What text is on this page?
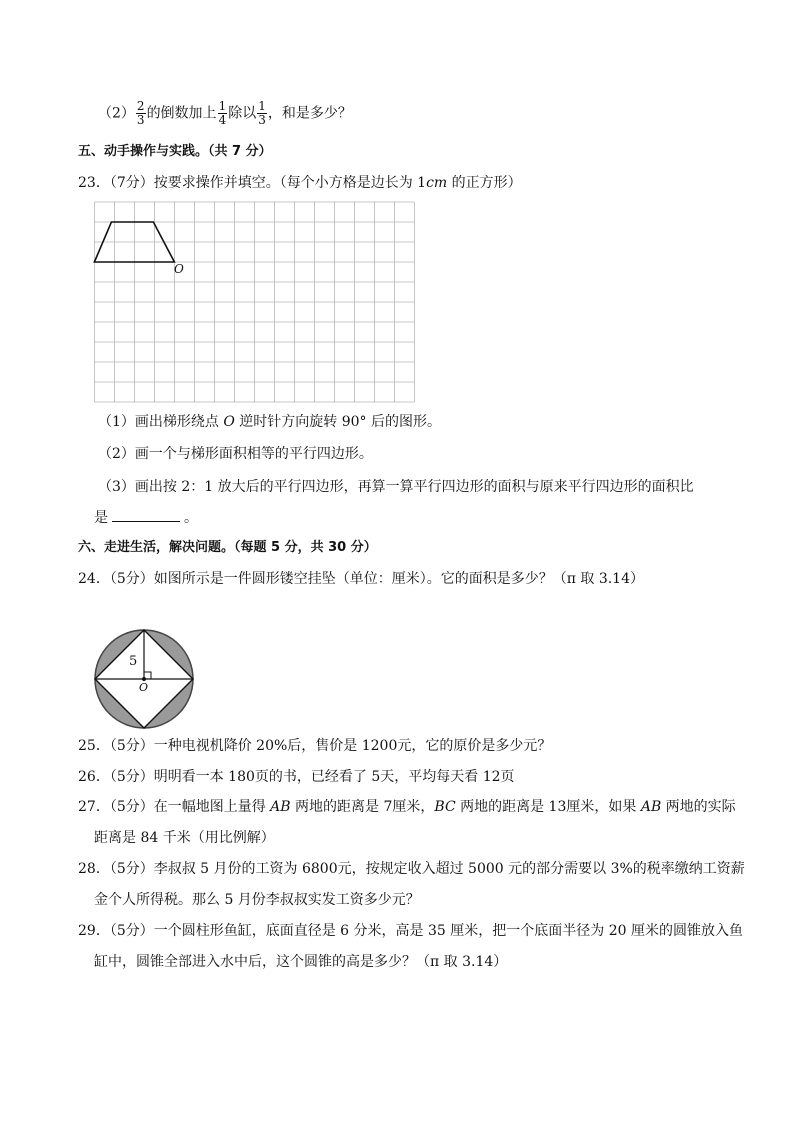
$(2) \frac{2}{3}$ 的倒数加上 $\frac{1}{4}$ 除以 $\frac{1}{3}$ ，和是多少？
五、动手操作与实践。（共 7 分）
23．（7分）按要求操作并填空。（每个小方格是边长为 1cm 的正方形）
O
（1）画出梯形绕点 O 逆时针方向旋转 90° 后的图形。
（2）画一个与梯形面积相等的平行四边形。
（3）画出按 2：1 放大后的平行四边形，再算一算平行四边形的面积与原来平行四边形的面积比
是	。
六、走进生活，解决问题。（每题 5 分，共 30 分）
24．（5分）如图所示是一件圆形镂空挂坠（单位：厘米）。它的面积是多少？（π 取 3.14）
5
O
25．（5分）一种电视机降价 20%后，售价是 1200元，它的原价是多少元？
26．（5分）明明看一本 180页的书，已经看了 5天，平均每天看 12页
27．（5分）在一幅地图上量得 AB 两地的距离是 7厘米，BC 两地的距离是 13厘米，如果 AB 两地的实际
距离是 84 千米（用比例解）
28．（5分）李叔叔 5 月份的工资为 6800元，按规定收入超过 5000 元的部分需要以 3%的税率缴纳工资薪
金个人所得税。那么 5 月份李叔叔实发工资多少元？
29．（5分）一个圆柱形鱼缸，底面直径是 6 分米，高是 35 厘米，把一个底面半径为 20 厘米的圆锥放入鱼
缸中，圆锥全部进入水中后，这个圆锥的高是多少？（π 取 3.14）
